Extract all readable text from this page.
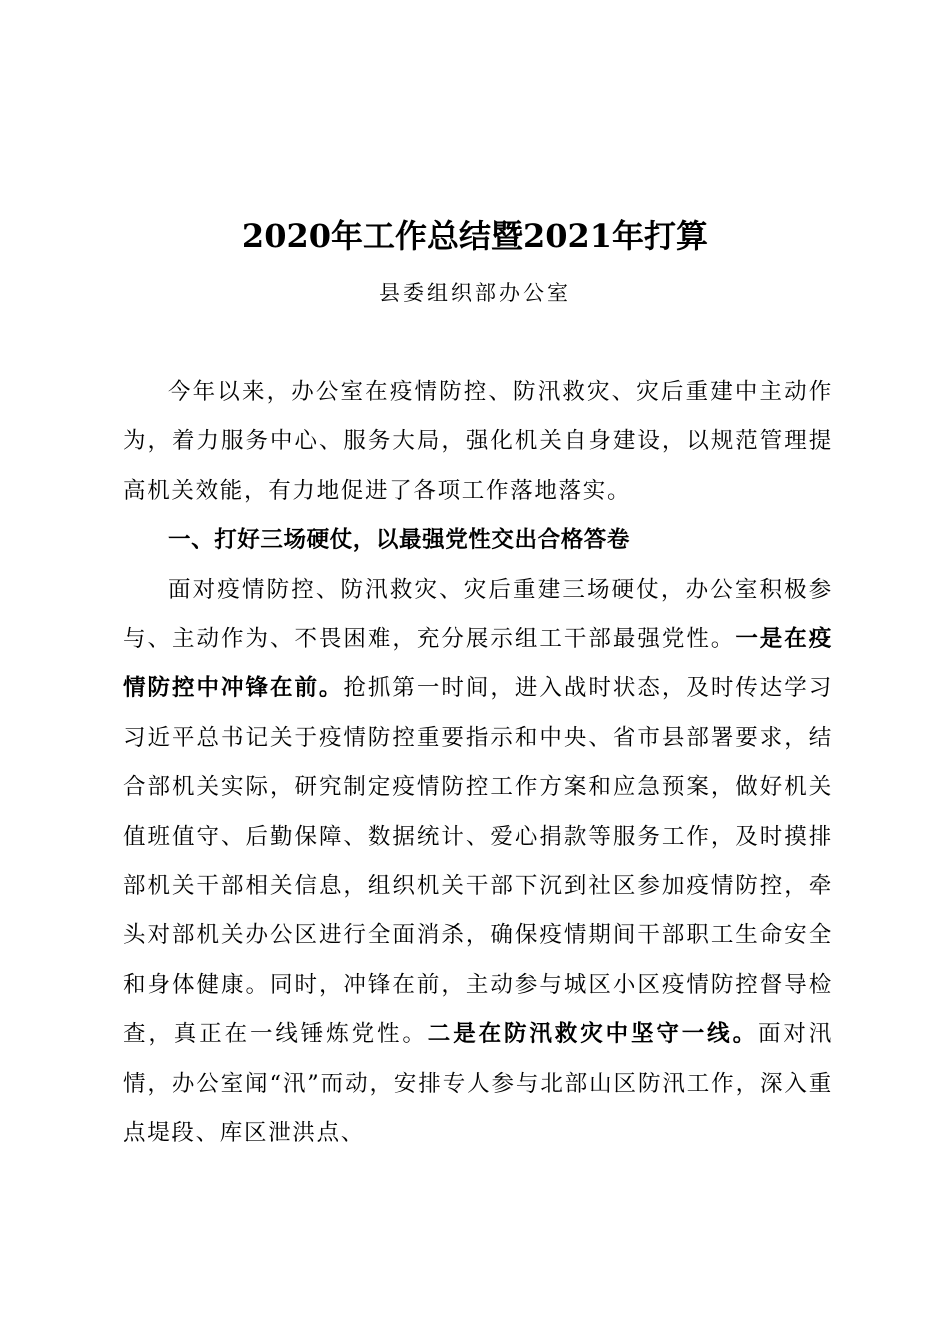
2020年工作总结暨2021年打算
县委组织部办公室

今年以来，办公室在疫情防控、防汛救灾、灾后重建中主动作为，着力服务中心、服务大局，强化机关自身建设，以规范管理提高机关效能，有力地促进了各项工作落地落实。

一、打好三场硬仗，以最强党性交出合格答卷

面对疫情防控、防汛救灾、灾后重建三场硬仗，办公室积极参与、主动作为、不畏困难，充分展示组工干部最强党性。一是在疫情防控中冲锋在前。抢抓第一时间，进入战时状态，及时传达学习习近平总书记关于疫情防控重要指示和中央、省市县部署要求，结合部机关实际，研究制定疫情防控工作方案和应急预案，做好机关值班值守、后勤保障、数据统计、爱心捐款等服务工作，及时摸排部机关干部相关信息，组织机关干部下沉到社区参加疫情防控，牵头对部机关办公区进行全面消杀，确保疫情期间干部职工生命安全和身体健康。同时，冲锋在前，主动参与城区小区疫情防控督导检查，真正在一线锤炼党性。二是在防汛救灾中坚守一线。面对汛情，办公室闻“汛”而动，安排专人参与北部山区防汛工作，深入重点堤段、库区泄洪点、
